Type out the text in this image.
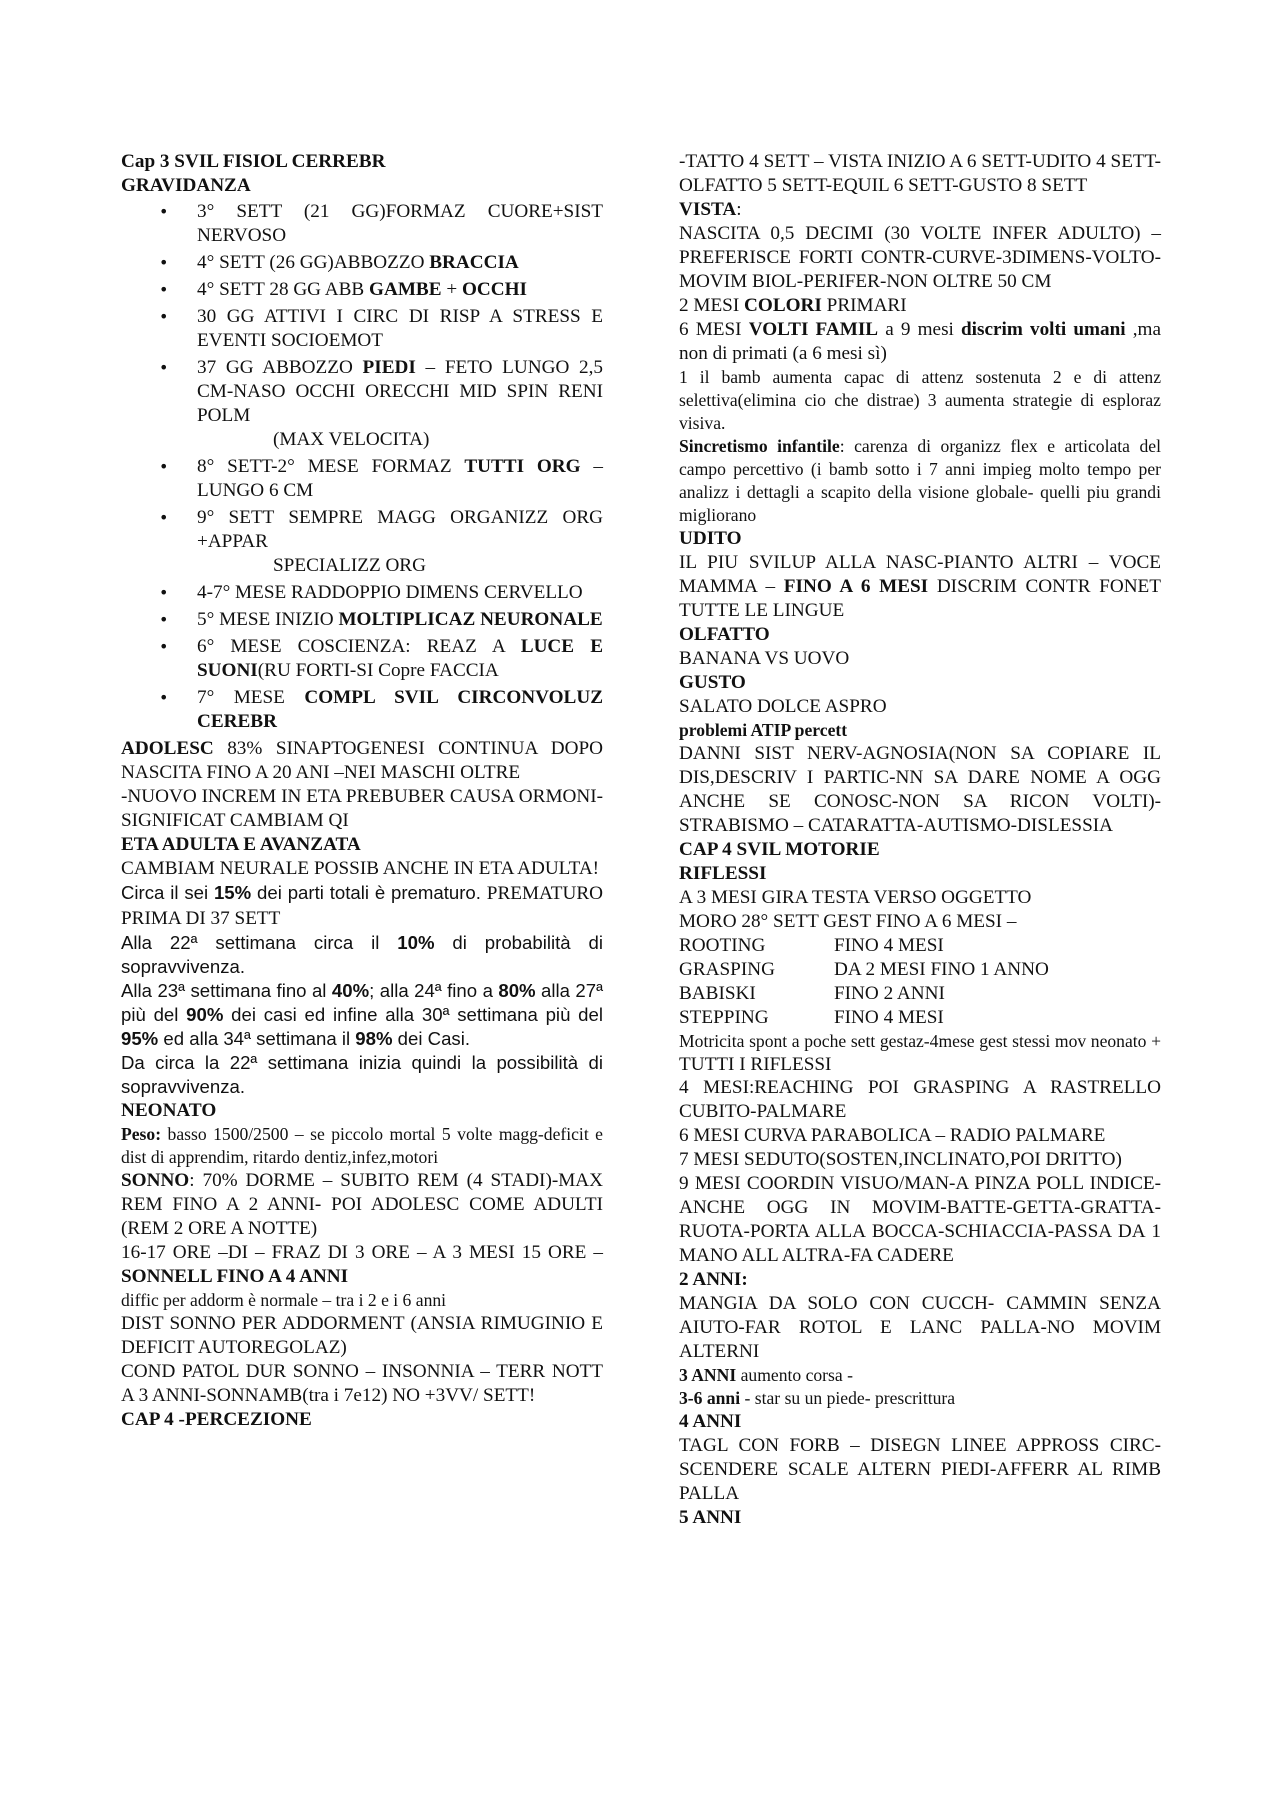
Cap 3 SVIL FISIOL CERREBR

GRAVIDANZA

• 3° SETT (21 GG)FORMAZ CUORE+SIST NERVOSO
• 4° SETT (26 GG)ABBOZZO BRACCIA
• 4° SETT 28 GG ABB GAMBE + OCCHI
• 30 GG ATTIVI I CIRC DI RISP A STRESS E EVENTI SOCIOEMOT
• 37 GG ABBOZZO PIEDI – FETO LUNGO 2,5 CM-NASO OCCHI ORECCHI MID SPIN RENI POLM
(MAX VELOCITA)
• 8° SETT-2° MESE FORMAZ TUTTI ORG – LUNGO 6 CM
• 9° SETT SEMPRE MAGG ORGANIZZ ORG +APPAR
SPECIALIZZ ORG
• 4-7° MESE RADDOPPIO DIMENS CERVELLO
• 5° MESE INIZIO MOLTIPLICAZ NEURONALE
• 6° MESE COSCIENZA: REAZ A LUCE E SUONI(RU FORTI-SI Copre FACCIA
• 7° MESE COMPL SVIL CIRCONVOLUZ CEREBR

ADOLESC 83% SINAPTOGENESI CONTINUA DOPO NASCITA FINO A 20 ANI –NEI MASCHI OLTRE

-NUOVO INCREM IN ETA PREBUBER CAUSA ORMONI-SIGNIFICAT CAMBIAM QI

ETA ADULTA E AVANZATA

CAMBIAM NEURALE POSSIB ANCHE IN ETA ADULTA!

Circa il sei 15% dei parti totali è prematuro. PREMATURO PRIMA DI 37 SETT

Alla 22ª settimana circa il 10% di probabilità di sopravvivenza.

Alla 23ª settimana fino al 40%; alla 24ª fino a 80% alla 27ª più del 90% dei casi ed infine alla 30ª settimana più del 95% ed alla 34ª settimana il 98% dei Casi.

Da circa la 22ª settimana inizia quindi la possibilità di sopravvivenza.

NEONATO

Peso: basso 1500/2500 – se piccolo mortal 5 volte magg-deficit e dist di apprendim, ritardo dentiz,infez,motori

SONNO: 70% DORME – SUBITO REM (4 STADI)-MAX REM FINO A 2 ANNI- POI ADOLESC COME ADULTI (REM 2 ORE A NOTTE)

16-17 ORE –DI – FRAZ DI 3 ORE – A 3 MESI 15 ORE – SONNELL FINO A 4 ANNI

diffic per addorm è normale – tra i 2 e i 6 anni

DIST SONNO PER ADDORMENT (ANSIA RIMUGINIO E DEFICIT AUTOREGOLAZ)

COND PATOL DUR SONNO – INSONNIA – TERR NOTT A 3 ANNI-SONNAMB(tra i 7e12) NO +3VV/ SETT!

CAP 4 -PERCEZIONE

-TATTO 4 SETT – VISTA INIZIO A 6 SETT-UDITO 4 SETT-OLFATTO 5 SETT-EQUIL 6 SETT-GUSTO 8 SETT

VISTA:

NASCITA 0,5 DECIMI (30 VOLTE INFER ADULTO) – PREFERISCE FORTI CONTR-CURVE-3DIMENS-VOLTO-MOVIM BIOL-PERIFER-NON OLTRE 50 CM

2 MESI COLORI PRIMARI

6 MESI VOLTI FAMIL a 9 mesi discrim volti umani ,ma non di primati (a 6 mesi sì)

1 il bamb aumenta capac di attenz sostenuta 2 e di attenz selettiva(elimina cio che distrae) 3 aumenta strategie di esploraz visiva.

Sincretismo infantile: carenza di organizz flex e articolata del campo percettivo (i bamb sotto i 7 anni impieg molto tempo per analizz i dettagli a scapito della visione globale- quelli piu grandi migliorano

UDITO

IL PIU SVILUP ALLA NASC-PIANTO ALTRI – VOCE MAMMA – FINO A 6 MESI DISCRIM CONTR FONET TUTTE LE LINGUE

OLFATTO

BANANA VS UOVO

GUSTO

SALATO DOLCE ASPRO

problemi ATIP percett

DANNI SIST NERV-AGNOSIA(NON SA COPIARE IL DIS,DESCRIV I PARTIC-NN SA DARE NOME A OGG ANCHE SE CONOSC-NON SA RICON VOLTI)-STRABISMO – CATARATTA-AUTISMO-DISLESSIA

CAP 4 SVIL MOTORIE

RIFLESSI

A 3 MESI GIRA TESTA VERSO OGGETTO

MORO 28° SETT GEST FINO A 6 MESI –

ROOTING	FINO 4 MESI

GRASPING	DA 2 MESI FINO 1 ANNO

BABISKI	FINO 2 ANNI

STEPPING	FINO 4 MESI

Motricita spont a poche sett gestaz-4mese gest stessi mov neonato + TUTTI I RIFLESSI

4 MESI:REACHING POI GRASPING A RASTRELLO CUBITO-PALMARE

6 MESI CURVA PARABOLICA – RADIO PALMARE

7 MESI SEDUTO(SOSTEN,INCLINATO,POI DRITTO)

9 MESI COORDIN VISUO/MAN-A PINZA POLL INDICE-ANCHE OGG IN MOVIM-BATTE-GETTA-GRATTA-RUOTA-PORTA ALLA BOCCA-SCHIACCIA-PASSA DA 1 MANO ALL ALTRA-FA CADERE

2 ANNI:

MANGIA DA SOLO CON CUCCH- CAMMIN SENZA AIUTO-FAR ROTOL E LANC PALLA-NO MOVIM ALTERNI

3 ANNI aumento corsa -

3-6 anni - star su un piede- prescrittura

4 ANNI

TAGL CON FORB – DISEGN LINEE APPROSS CIRC-SCENDERE SCALE ALTERN PIEDI-AFFERR AL RIMB PALLA

5 ANNI
